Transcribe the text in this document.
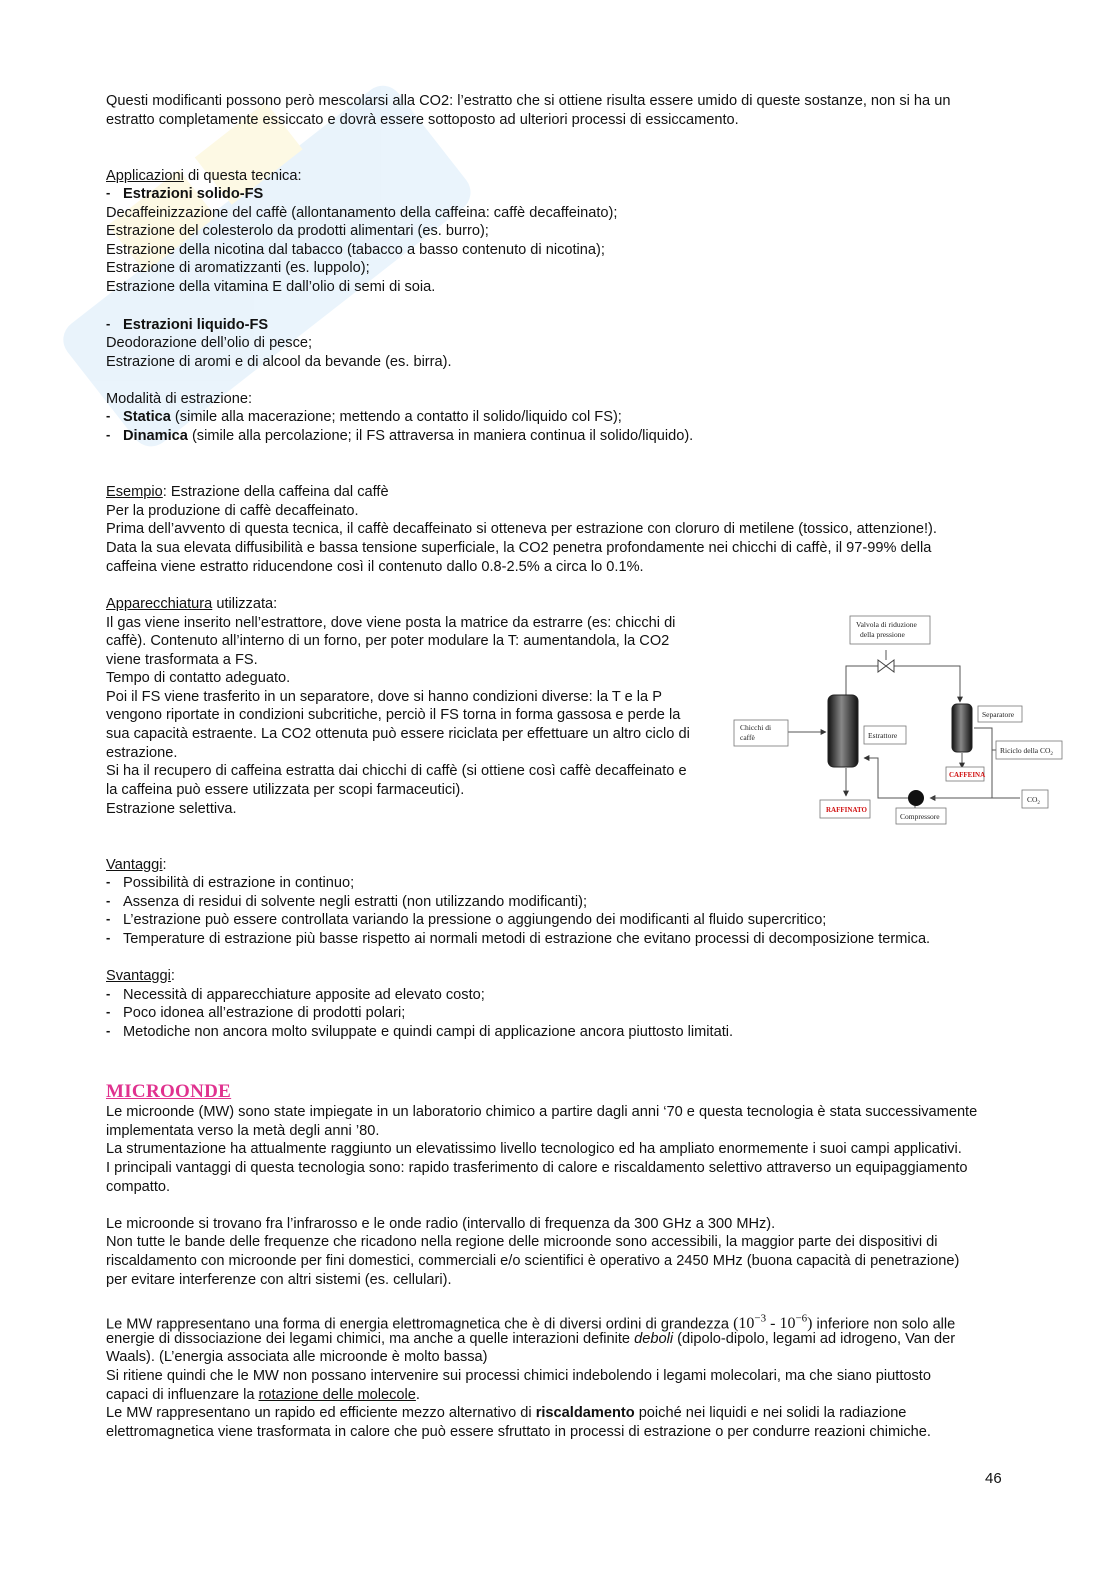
Questi modificanti possono però mescolarsi alla CO2: l’estratto che si ottiene risulta essere umido di queste sostanze, non si ha un
estratto completamente essiccato e dovrà essere sottoposto ad ulteriori processi di essiccamento.
Applicazioni di questa tecnica:
- Estrazioni solido-FS
Decaffeinizzazione del caffè (allontanamento della caffeina: caffè decaffeinato);
Estrazione del colesterolo da prodotti alimentari (es. burro);
Estrazione della nicotina dal tabacco (tabacco a basso contenuto di nicotina);
Estrazione di aromatizzanti (es. luppolo);
Estrazione della vitamina E dall’olio di semi di soia.
- Estrazioni liquido-FS
Deodorazione dell’olio di pesce;
Estrazione di aromi e di alcool da bevande (es. birra).
Modalità di estrazione:
- Statica (simile alla macerazione; mettendo a contatto il solido/liquido col FS);
- Dinamica (simile alla percolazione; il FS attraversa in maniera continua il solido/liquido).
Esempio: Estrazione della caffeina dal caffè
Per la produzione di caffè decaffeinato.
Prima dell’avvento di questa tecnica, il caffè decaffeinato si otteneva per estrazione con cloruro di metilene (tossico, attenzione!).
Data la sua elevata diffusibilità e bassa tensione superficiale, la CO2 penetra profondamente nei chicchi di caffè, il 97-99% della
caffeina viene estratto riducendone così il contenuto dallo 0.8-2.5% a circa lo 0.1%.
Apparecchiatura utilizzata:
Il gas viene inserito nell’estrattore, dove viene posta la matrice da estrarre (es: chicchi di
caffè). Contenuto all’interno di un forno, per poter modulare la T: aumentandola, la CO2
viene trasformata a FS.
Tempo di contatto adeguato.
Poi il FS viene trasferito in un separatore, dove si hanno condizioni diverse: la T e la P
vengono riportate in condizioni subcritiche, perciò il FS torna in forma gassosa e perde la
sua capacità estraente. La CO2 ottenuta può essere riciclata per effettuare un altro ciclo di
estrazione.
Si ha il recupero di caffeina estratta dai chicchi di caffè (si ottiene così caffè decaffeinato e
la caffeina può essere utilizzata per scopi farmaceutici).
Estrazione selettiva.
Valvola di riduzione
della pressione
Chicchi di
caffè	Estrattore
Separatore
Riciclo della $CO_2$
CAFFEINA
RAFFINATO
Compressore
$CO_2$
Vantaggi:
- Possibilità di estrazione in continuo;
- Assenza di residui di solvente negli estratti (non utilizzando modificanti);
- L’estrazione può essere controllata variando la pressione o aggiungendo dei modificanti al fluido supercritico;
- Temperature di estrazione più basse rispetto ai normali metodi di estrazione che evitano processi di decomposizione termica.
Svantaggi:
- Necessità di apparecchiature apposite ad elevato costo;
- Poco idonea all’estrazione di prodotti polari;
- Metodiche non ancora molto sviluppate e quindi campi di applicazione ancora piuttosto limitati.
MICROONDE
Le microonde (MW) sono state impiegate in un laboratorio chimico a partire dagli anni ‘70 e questa tecnologia è stata successivamente
implementata verso la metà degli anni ’80.
La strumentazione ha attualmente raggiunto un elevatissimo livello tecnologico ed ha ampliato enormemente i suoi campi applicativi.
I principali vantaggi di questa tecnologia sono: rapido trasferimento di calore e riscaldamento selettivo attraverso un equipaggiamento
compatto.
Le microonde si trovano fra l’infrarosso e le onde radio (intervallo di frequenza da 300 GHz a 300 MHz).
Non tutte le bande delle frequenze che ricadono nella regione delle microonde sono accessibili, la maggior parte dei dispositivi di
riscaldamento con microonde per fini domestici, commerciali e/o scientifici è operativo a 2450 MHz (buona capacità di penetrazione)
per evitare interferenze con altri sistemi (es. cellulari).
Le MW rappresentano una forma di energia elettromagnetica che è di diversi ordini di grandezza $(10^{-3} - 10^{-6})$ inferiore non solo alle
energie di dissociazione dei legami chimici, ma anche a quelle interazioni definite deboli (dipolo-dipolo, legami ad idrogeno, Van der
Waals). (L’energia associata alle microonde è molto bassa)
Si ritiene quindi che le MW non possano intervenire sui processi chimici indebolendo i legami molecolari, ma che siano piuttosto
capaci di influenzare la rotazione delle molecole.
Le MW rappresentano un rapido ed efficiente mezzo alternativo di riscaldamento poiché nei liquidi e nei solidi la radiazione
elettromagnetica viene trasformata in calore che può essere sfruttato in processi di estrazione o per condurre reazioni chimiche.
46
